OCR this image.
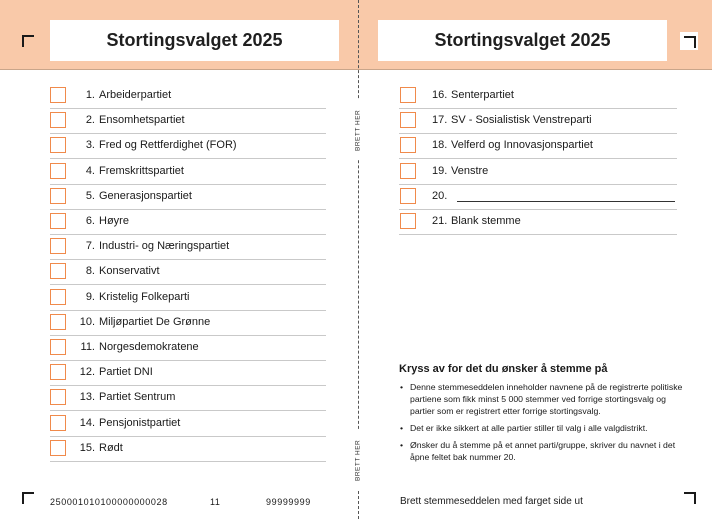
Stortingsvalget 2025	Stortingsvalget 2025
BRETT HER
BRETT HER
1. Arbeiderpartiet
2. Ensomhetspartiet
3. Fred og Rettferdighet (FOR)
4. Fremskrittspartiet
5. Generasjonspartiet
6. Høyre
7. Industri- og Næringspartiet
8. Konservativt
9. Kristelig Folkeparti
10. Miljøpartiet De Grønne
11. Norgesdemokratene
12. Partiet DNI
13. Partiet Sentrum
14. Pensjonistpartiet
15. Rødt
16. Senterpartiet
17. SV - Sosialistisk Venstreparti
18. Velferd og Innovasjonspartiet
19. Venstre
20.
21. Blank stemme
Kryss av for det du ønsker å stemme på
• Denne stemmeseddelen inneholder navnene på de registrerte politiske partiene som fikk minst 5 000 stemmer ved forrige stortingsvalg og partier som er registrert etter forrige stortingsvalg.
• Det er ikke sikkert at alle partier stiller til valg i alle valgdistrikt.
• Ønsker du å stemme på et annet parti/gruppe, skriver du navnet i det åpne feltet bak nummer 20.
250001010100000000028	11	99999999	Brett stemmeseddelen med farget side ut
